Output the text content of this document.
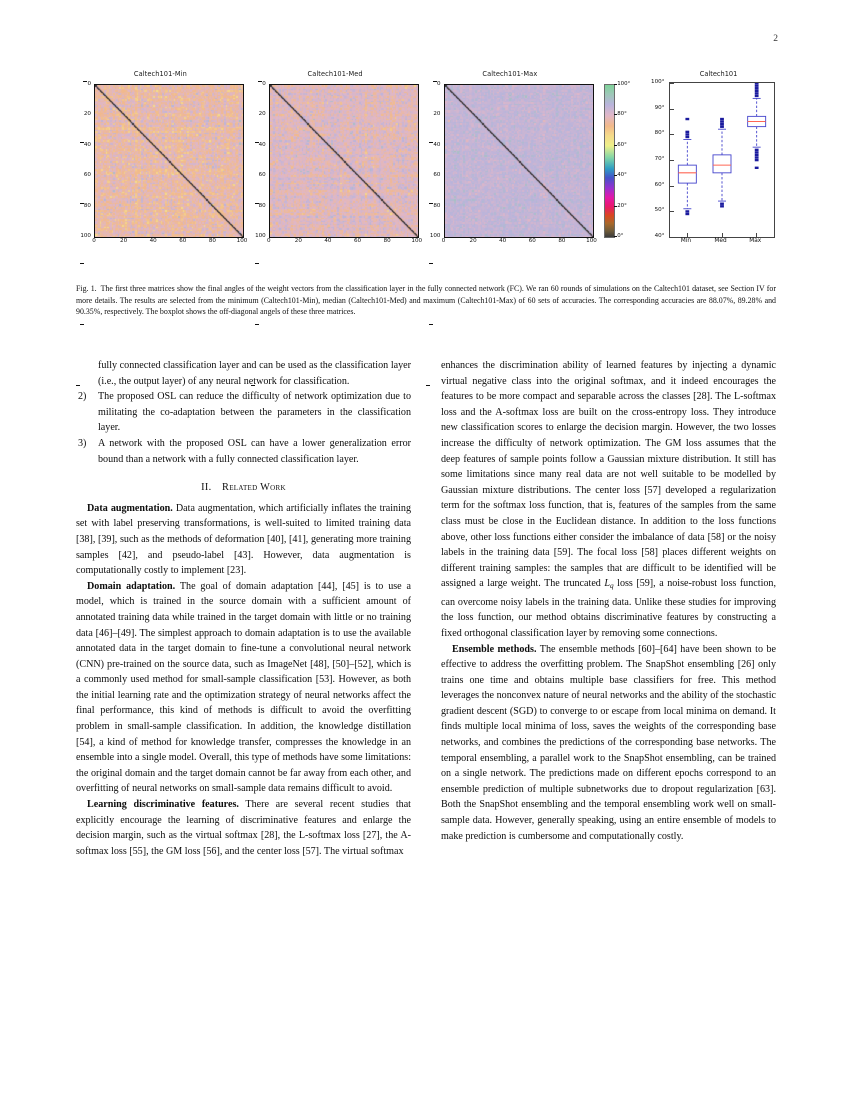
2
Caltech101-Min
0
20
40
60
80
100
0	20	40	60	80	100
Caltech101-Med
0
20
40
60
80
100
0	20	40	60	80	100
Caltech101-Max
0
20
40
60
80
100
0	20	40	60	80	100
100°
80°
60°
40°
20°
0°
Caltech101
40°
50°
60°
70°
80°
90°
100°
Min	Med	Max
Fig. 1.  The first three matrices show the final angles of the weight vectors from the classification layer in the fully connected network (FC). We ran 60 rounds of simulations on the Caltech101 dataset, see Section IV for more details. The results are selected from the minimum (Caltech101-Min), median (Caltech101-Med) and maximum (Caltech101-Max) of 60 sets of accuracies. The corresponding accuracies are 88.07%, 89.28% and 90.35%, respectively. The boxplot shows the off-diagonal angels of these three matrices.
fully connected classification layer and can be used as the classification layer (i.e., the output layer) of any neural network for classification.
2)	The proposed OSL can reduce the difficulty of network optimization due to militating the co-adaptation between the parameters in the classification layer.
3)	A network with the proposed OSL can have a lower generalization error bound than a network with a fully connected classification layer.
II. Related Work

Data augmentation. Data augmentation, which artificially inflates the training set with label preserving transformations, is well-suited to limited training data [38], [39], such as the methods of deformation [40], [41], generating more training samples [42], and pseudo-label [43]. However, data augmentation is computationally costly to implement [23].

Domain adaptation. The goal of domain adaptation [44], [45] is to use a model, which is trained in the source domain with a sufficient amount of annotated training data while trained in the target domain with little or no training data [46]–[49]. The simplest approach to domain adaptation is to use the available annotated data in the target domain to fine-tune a convolutional neural network (CNN) pre-trained on the source data, such as ImageNet [48], [50]–[52], which is a commonly used method for small-sample classification [53]. However, as both the initial learning rate and the optimization strategy of neural networks affect the final performance, this kind of methods is difficult to avoid the overfitting problem in small-sample classification. In addition, the knowledge distillation [54], a kind of method for knowledge transfer, compresses the knowledge in an ensemble into a single model. Overall, this type of methods have some limitations: the original domain and the target domain cannot be far away from each other, and overfitting of neural networks on small-sample data remains difficult to avoid.

Learning discriminative features. There are several recent studies that explicitly encourage the learning of discriminative features and enlarge the decision margin, such as the virtual softmax [28], the L-softmax loss [27], the A-softmax loss [55], the GM loss [56], and the center loss [57]. The virtual softmax

enhances the discrimination ability of learned features by injecting a dynamic virtual negative class into the original softmax, and it indeed encourages the features to be more compact and separable across the classes [28]. The L-softmax loss and the A-softmax loss are built on the cross-entropy loss. They introduce new classification scores to enlarge the decision margin. However, the two losses increase the difficulty of network optimization. The GM loss assumes that the deep features of sample points follow a Gaussian mixture distribution. It still has some limitations since many real data are not well suitable to be modelled by Gaussian mixture distributions. The center loss [57] developed a regularization term for the softmax loss function, that is, features of the samples from the same class must be close in the Euclidean distance. In addition to the loss functions above, other loss functions either consider the imbalance of data [58] or the noisy labels in the training data [59]. The focal loss [58] places different weights on different training samples: the samples that are difficult to be identified will be assigned a large weight. The truncated Lq loss [59], a noise-robust loss function, can overcome noisy labels in the training data. Unlike these studies for improving the loss function, our method obtains discriminative features by constructing a fixed orthogonal classification layer by removing some connections.

Ensemble methods. The ensemble methods [60]–[64] have been shown to be effective to address the overfitting problem. The SnapShot ensembling [26] only trains one time and obtains multiple base classifiers for free. This method leverages the nonconvex nature of neural networks and the ability of the stochastic gradient descent (SGD) to converge to or escape from local minima on demand. It finds multiple local minima of loss, saves the weights of the corresponding base networks, and combines the predictions of the corresponding base networks. The temporal ensembling, a parallel work to the SnapShot ensembling, can be trained on a single network. The predictions made on different epochs correspond to an ensemble prediction of multiple subnetworks due to dropout regularization [63]. Both the SnapShot ensembling and the temporal ensembling work well on small-sample data. However, generally speaking, using an entire ensemble of models to make prediction is cumbersome and computationally costly.
